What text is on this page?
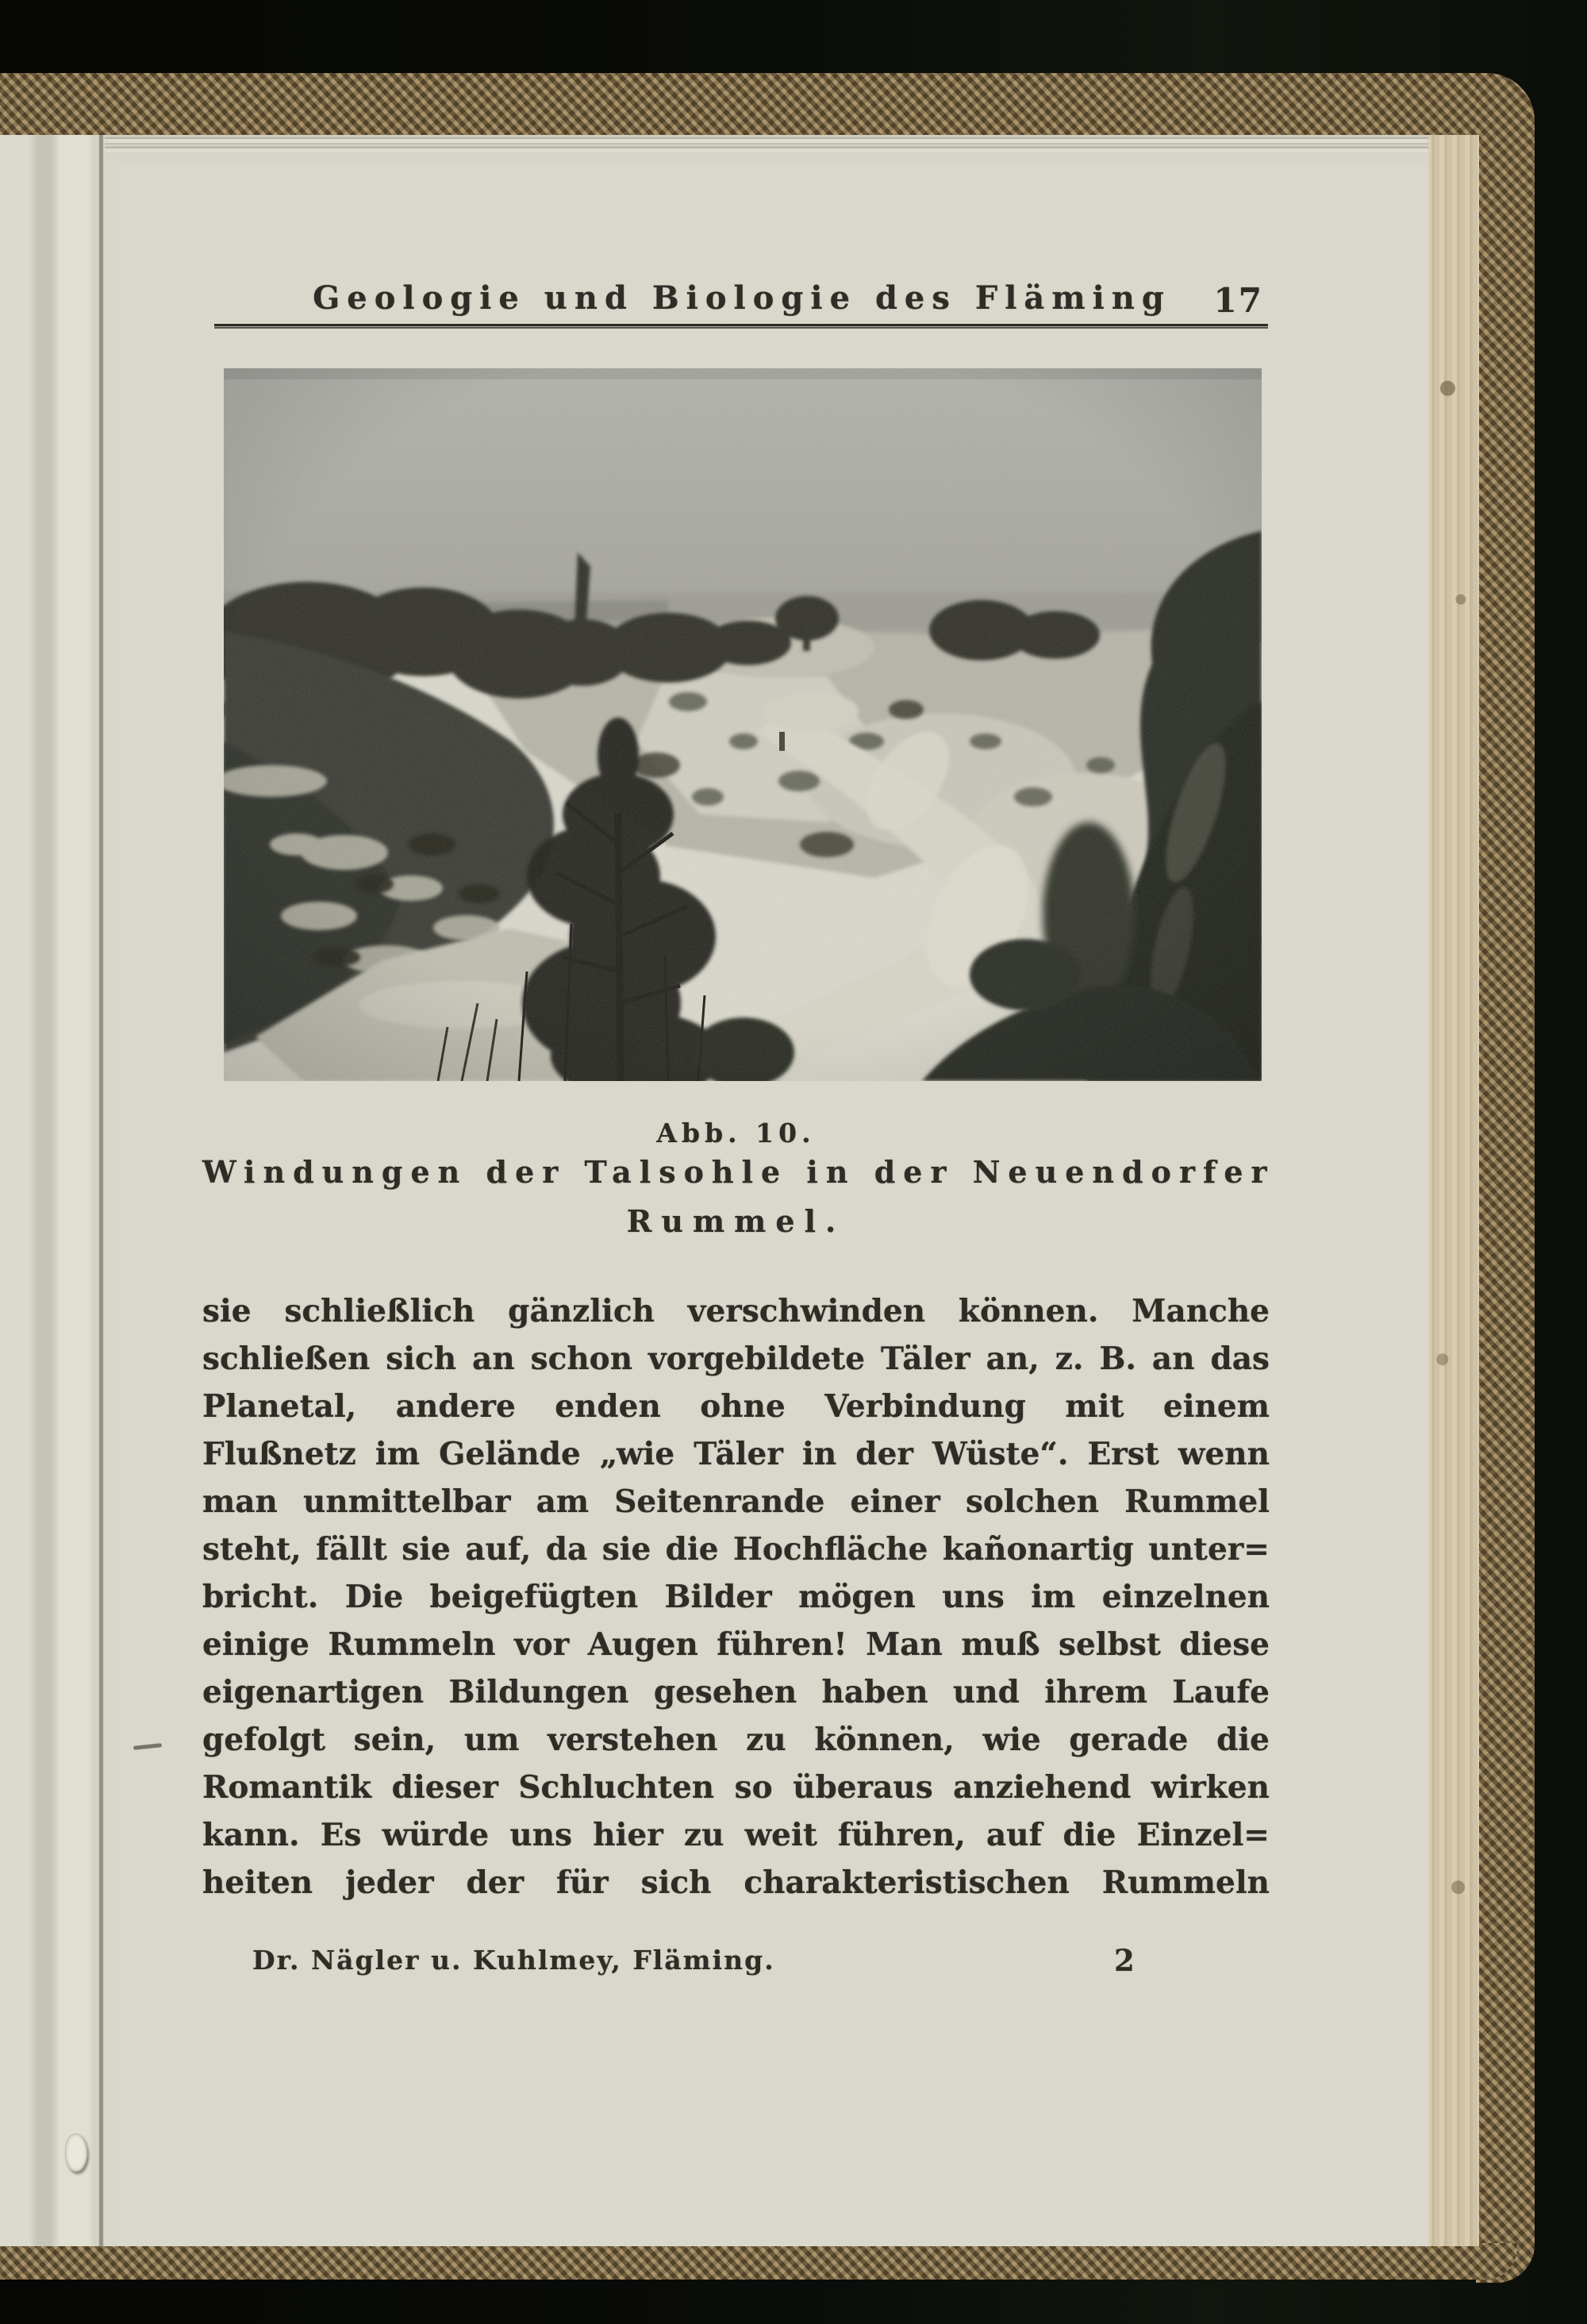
Geologie und Biologie des Fläming	17
Abb. 10.
Windungen der Talsohle in der Neuendorfer
Rummel.
sie schließlich gänzlich verschwinden können. Manche
schließen sich an schon vorgebildete Täler an, z. B. an das
Planetal, andere enden ohne Verbindung mit einem
Flußnetz im Gelände „wie Täler in der Wüste“. Erst wenn
man unmittelbar am Seitenrande einer solchen Rummel
steht, fällt sie auf, da sie die Hochfläche kañonartig unter=
bricht. Die beigefügten Bilder mögen uns im einzelnen
einige Rummeln vor Augen führen! Man muß selbst diese
eigenartigen Bildungen gesehen haben und ihrem Laufe
gefolgt sein, um verstehen zu können, wie gerade die
Romantik dieser Schluchten so überaus anziehend wirken
kann. Es würde uns hier zu weit führen, auf die Einzel=
heiten jeder der für sich charakteristischen Rummeln
Dr. Nägler u. Kuhlmey, Fläming.	2
